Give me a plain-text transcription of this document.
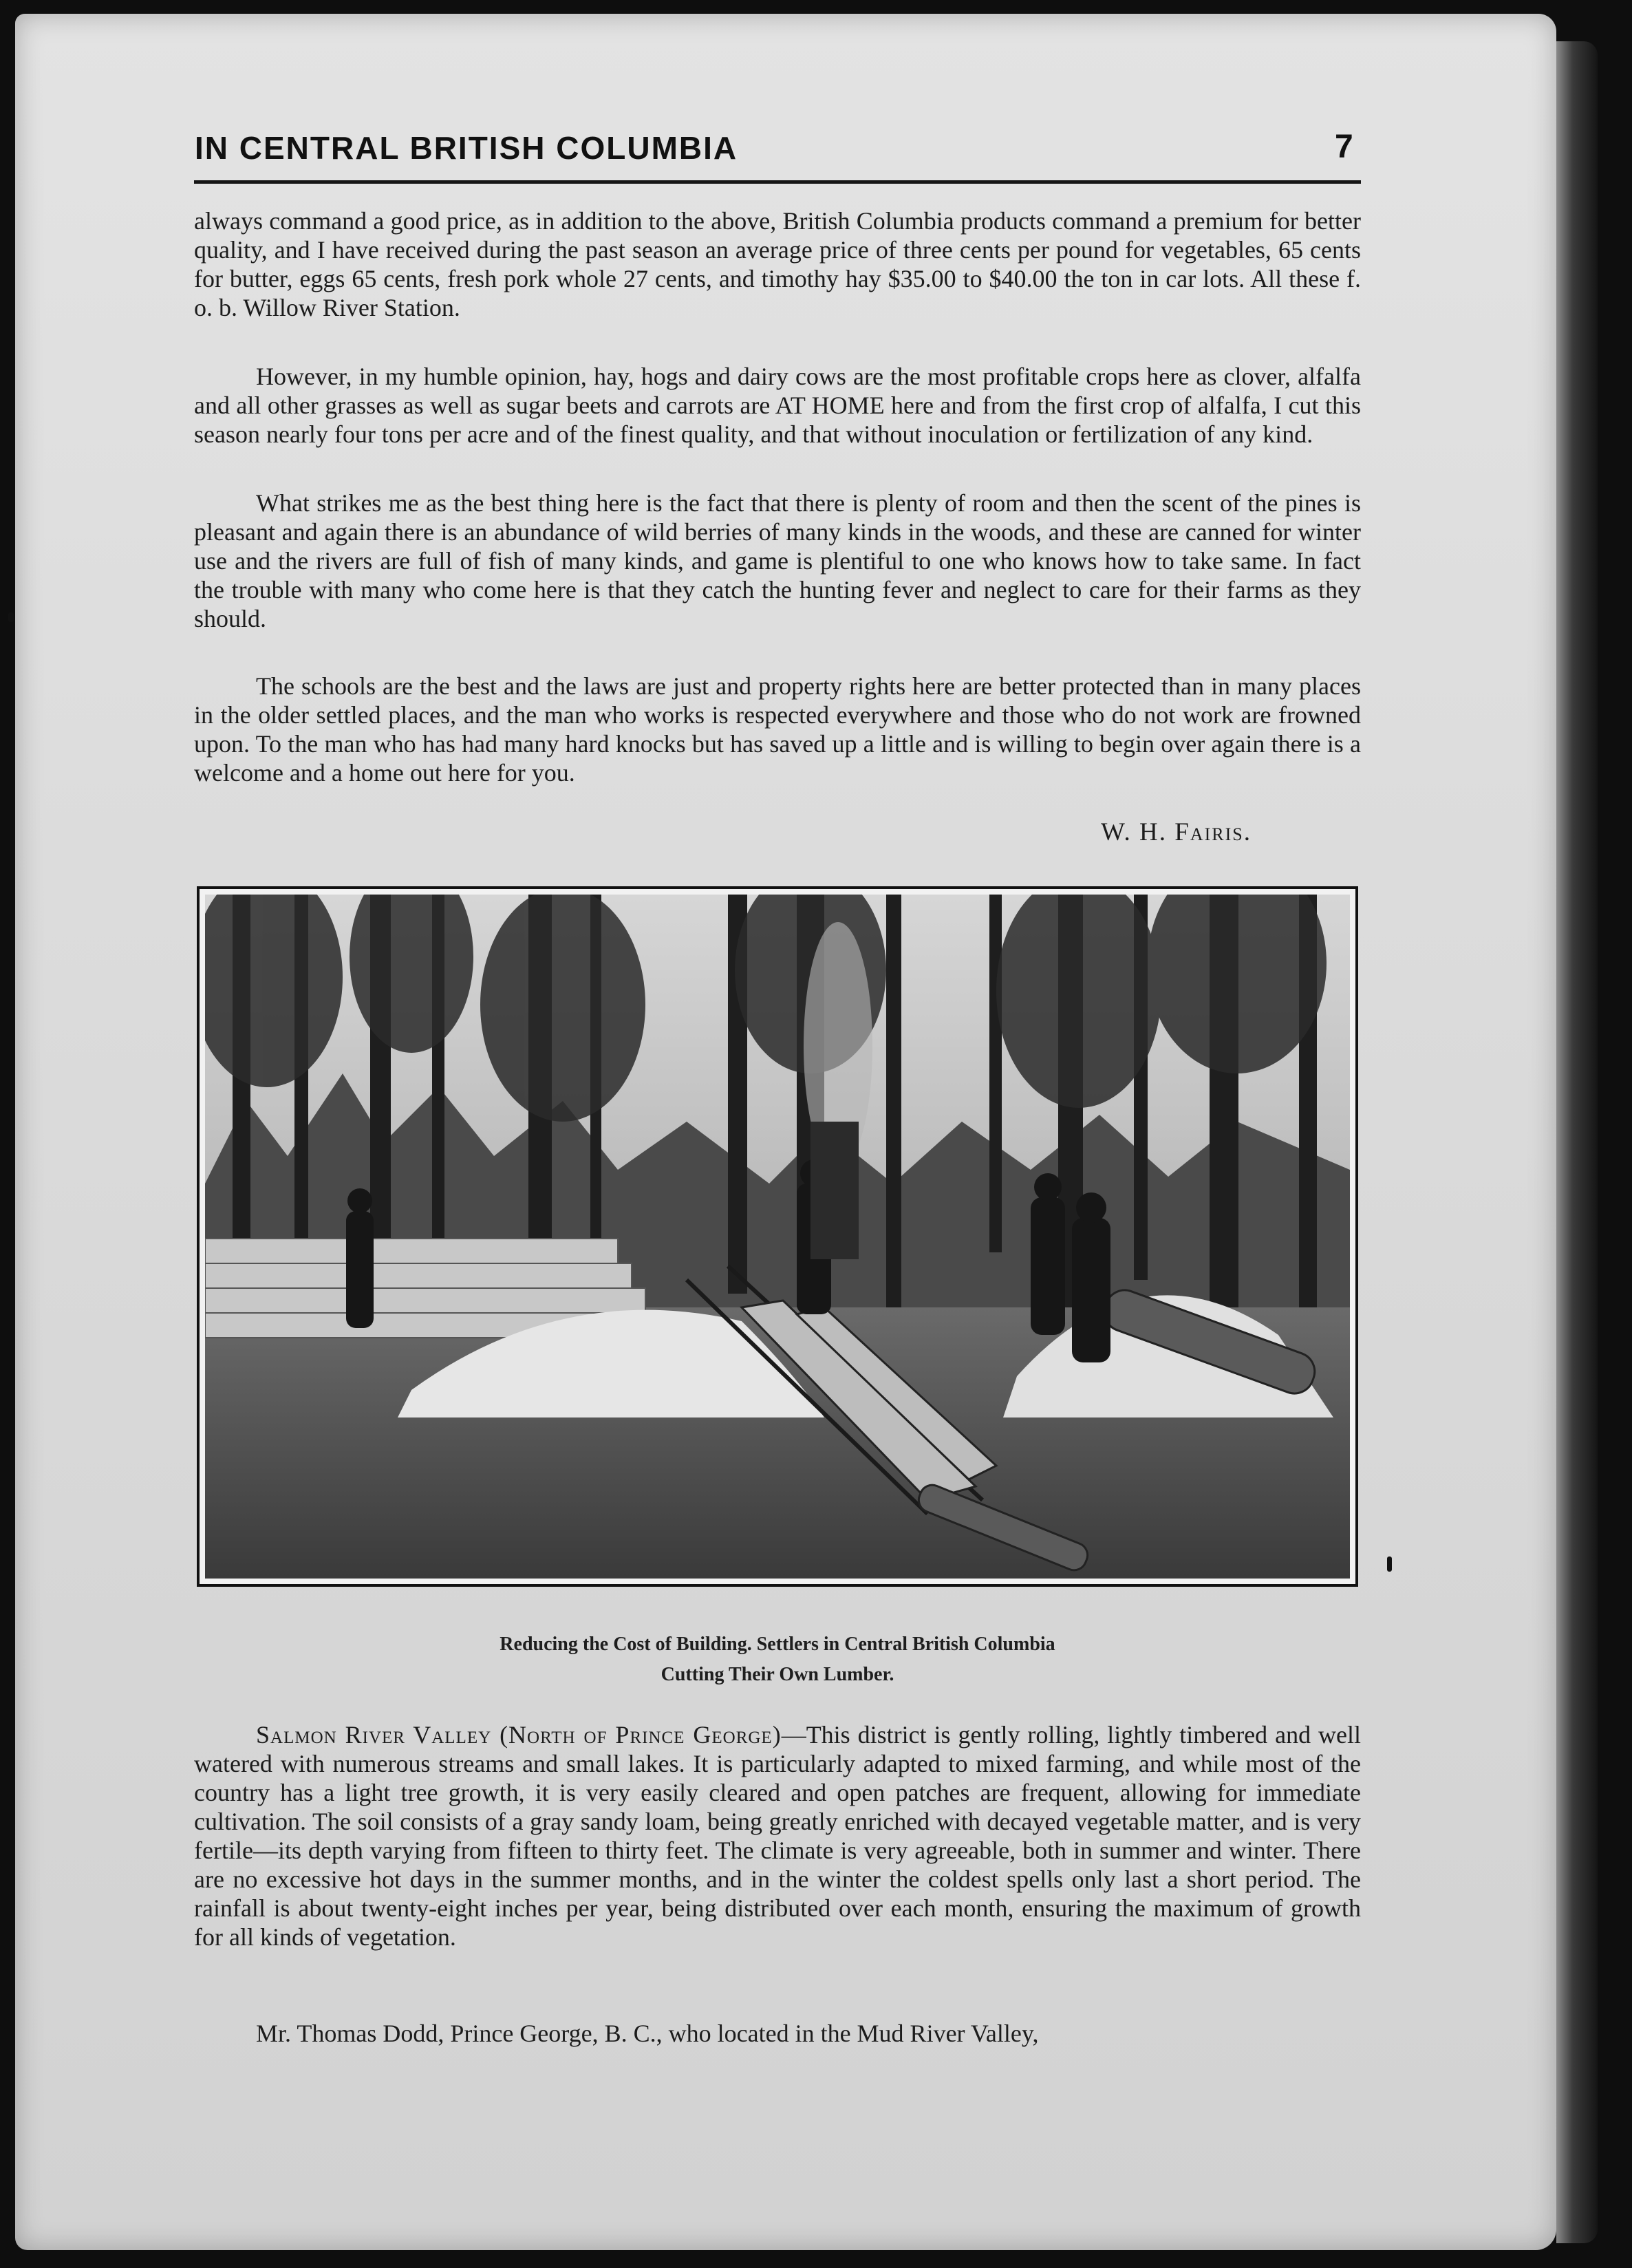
IN CENTRAL BRITISH COLUMBIA	7

always command a good price, as in addition to the above, British Columbia products command a premium for better quality, and I have received during the past season an average price of three cents per pound for vegetables, 65 cents for butter, eggs 65 cents, fresh pork whole 27 cents, and timothy hay $35.00 to $40.00 the ton in car lots. All these f. o. b. Willow River Station.

However, in my humble opinion, hay, hogs and dairy cows are the most profitable crops here as clover, alfalfa and all other grasses as well as sugar beets and carrots are AT HOME here and from the first crop of alfalfa, I cut this season nearly four tons per acre and of the finest quality, and that without inoculation or fertilization of any kind.

What strikes me as the best thing here is the fact that there is plenty of room and then the scent of the pines is pleasant and again there is an abundance of wild berries of many kinds in the woods, and these are canned for winter use and the rivers are full of fish of many kinds, and game is plentiful to one who knows how to take same. In fact the trouble with many who come here is that they catch the hunting fever and neglect to care for their farms as they should.

The schools are the best and the laws are just and property rights here are better protected than in many places in the older settled places, and the man who works is respected everywhere and those who do not work are frowned upon. To the man who has had many hard knocks but has saved up a little and is willing to begin over again there is a welcome and a home out here for you.

W. H. Fairis.

Reducing the Cost of Building. Settlers in Central British Columbia
Cutting Their Own Lumber.

Salmon River Valley (North of Prince George)—This district is gently rolling, lightly timbered and well watered with numerous streams and small lakes. It is particularly adapted to mixed farming, and while most of the country has a light tree growth, it is very easily cleared and open patches are frequent, allowing for immediate cultivation. The soil consists of a gray sandy loam, being greatly enriched with decayed vegetable matter, and is very fertile—its depth varying from fifteen to thirty feet. The climate is very agreeable, both in summer and winter. There are no excessive hot days in the summer months, and in the winter the coldest spells only last a short period. The rainfall is about twenty-eight inches per year, being distributed over each month, ensuring the maximum of growth for all kinds of vegetation.

Mr. Thomas Dodd, Prince George, B. C., who located in the Mud River Valley,
